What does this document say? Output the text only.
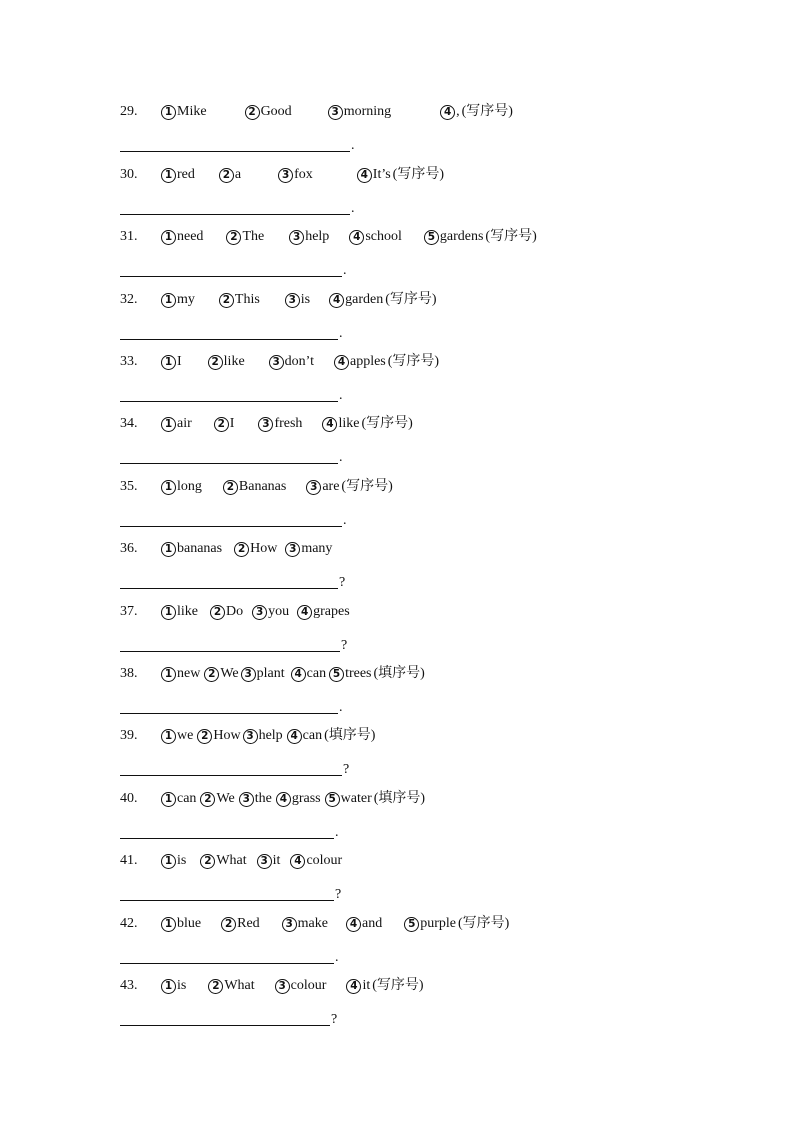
29.	1 Mike	2 Good	3 morning	4 , (写序号)
.
30.	1 red	2 a	3 fox	4 It’s (写序号)
.
31.	1 need	2 The	3 help	4 school	5 gardens (写序号)
.
32.	1 my	2 This	3 is	4 garden (写序号)
.
33.	1 I	2 like	3 don’t	4 apples (写序号)
.
34.	1 air	2 I	3 fresh	4 like (写序号)
.
35.	1 long	2 Bananas	3 are (写序号)
.
36.	1 bananas	2 How	3 many
?
37.	1 like	2 Do	3 you	4 grapes
?
38.	1 new 2 We 3 plant 4 can 5 trees (填序号)
.
39.	1 we 2 How 3 help 4 can (填序号)
?
40.	1 can 2 We 3 the 4 grass 5 water (填序号)
.
41.	1 is	2 What	3 it	4 colour
?
42.	1 blue	2 Red	3 make	4 and	5 purple (写序号)
.
43.	1 is	2 What	3 colour	4 it (写序号)
?
